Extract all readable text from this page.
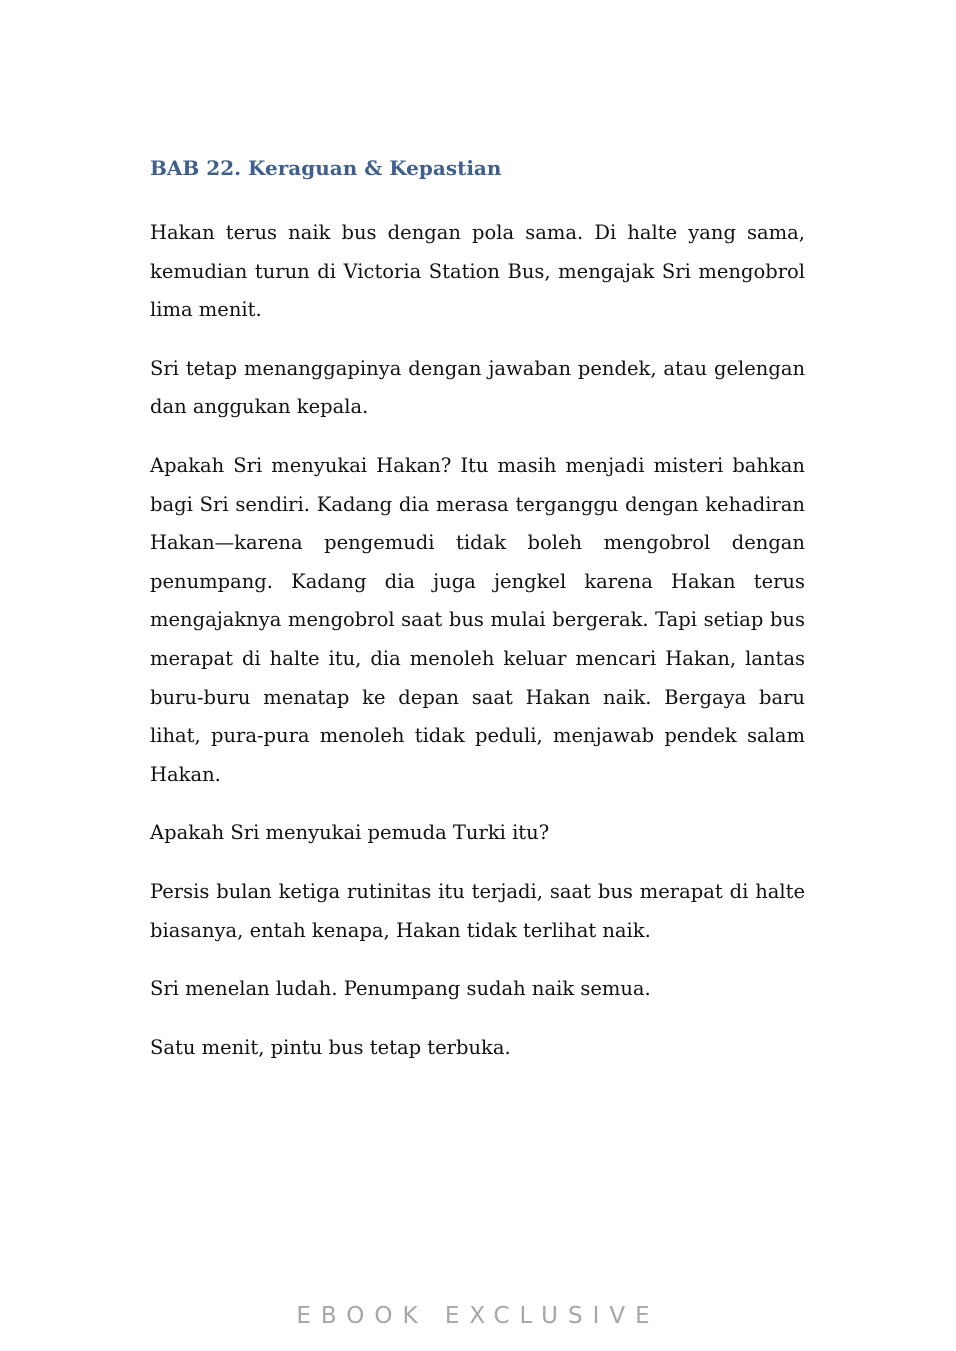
BAB 22. Keraguan & Kepastian

Hakan terus naik bus dengan pola sama. Di halte yang sama, kemudian turun di Victoria Station Bus, mengajak Sri mengobrol lima menit.

Sri tetap menanggapinya dengan jawaban pendek, atau gelengan dan anggukan kepala.

Apakah Sri menyukai Hakan? Itu masih menjadi misteri bahkan bagi Sri sendiri. Kadang dia merasa terganggu dengan kehadiran Hakan—karena pengemudi tidak boleh mengobrol dengan penumpang. Kadang dia juga jengkel karena Hakan terus mengajaknya mengobrol saat bus mulai bergerak. Tapi setiap bus merapat di halte itu, dia menoleh keluar mencari Hakan, lantas buru-buru menatap ke depan saat Hakan naik. Bergaya baru lihat, pura-pura menoleh tidak peduli, menjawab pendek salam Hakan.

Apakah Sri menyukai pemuda Turki itu?

Persis bulan ketiga rutinitas itu terjadi, saat bus merapat di halte biasanya, entah kenapa, Hakan tidak terlihat naik.

Sri menelan ludah. Penumpang sudah naik semua.

Satu menit, pintu bus tetap terbuka.

EBOOK EXCLUSIVE
